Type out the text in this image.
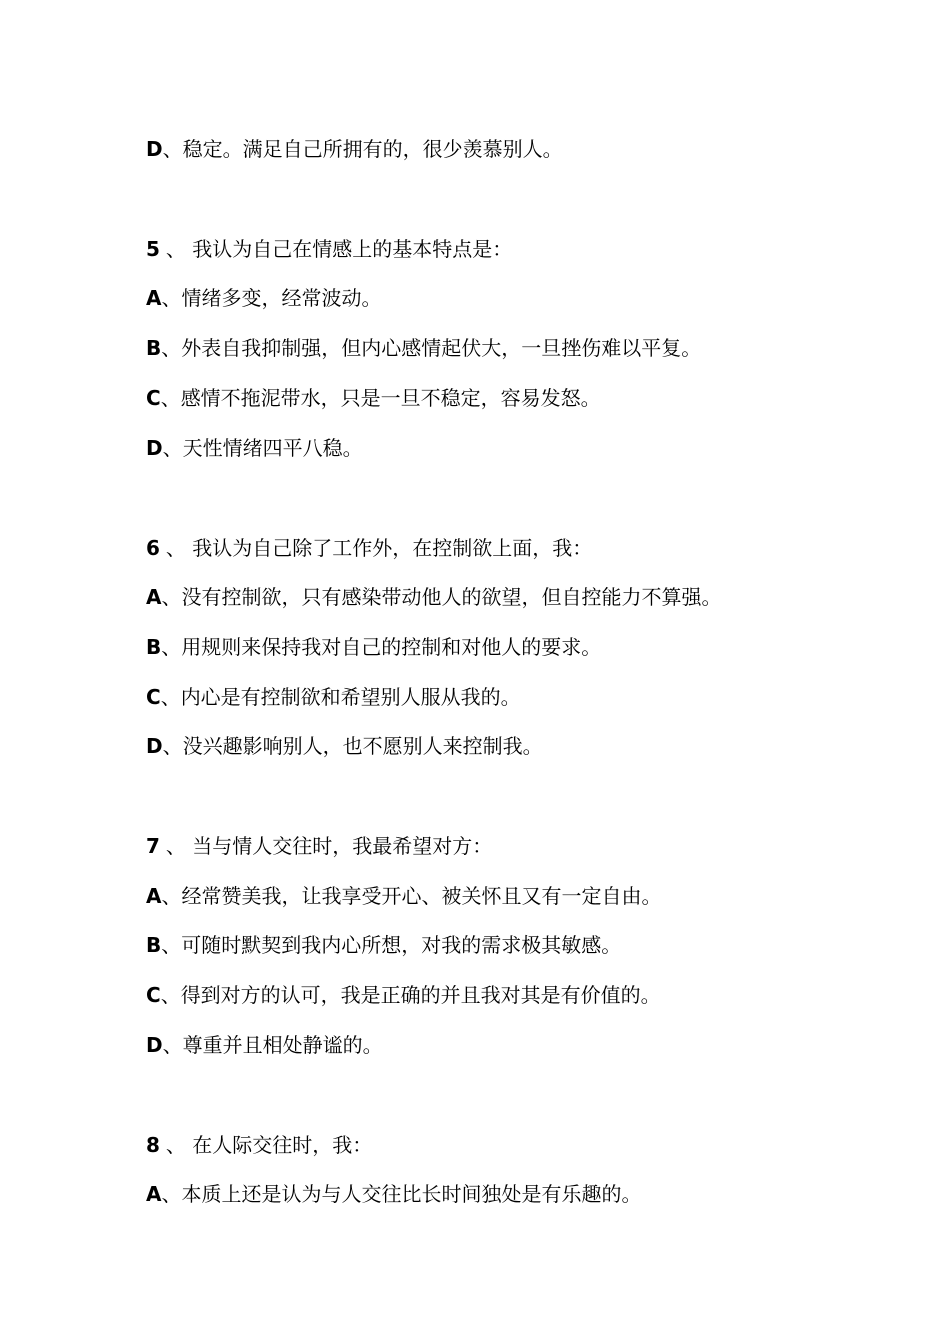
D、稳定。满足自己所拥有的，很少羡慕别人。
5 、 我认为自己在情感上的基本特点是：
A、情绪多变，经常波动。
B、外表自我抑制强，但内心感情起伏大，一旦挫伤难以平复。
C、感情不拖泥带水，只是一旦不稳定，容易发怒。
D、天性情绪四平八稳。
6 、 我认为自己除了工作外，在控制欲上面，我：
A、没有控制欲，只有感染带动他人的欲望，但自控能力不算强。
B、用规则来保持我对自己的控制和对他人的要求。
C、内心是有控制欲和希望别人服从我的。
D、没兴趣影响别人，也不愿别人来控制我。
7 、 当与情人交往时，我最希望对方：
A、经常赞美我，让我享受开心、被关怀且又有一定自由。
B、可随时默契到我内心所想，对我的需求极其敏感。
C、得到对方的认可，我是正确的并且我对其是有价值的。
D、尊重并且相处静谧的。
8 、 在人际交往时，我：
A、本质上还是认为与人交往比长时间独处是有乐趣的。
